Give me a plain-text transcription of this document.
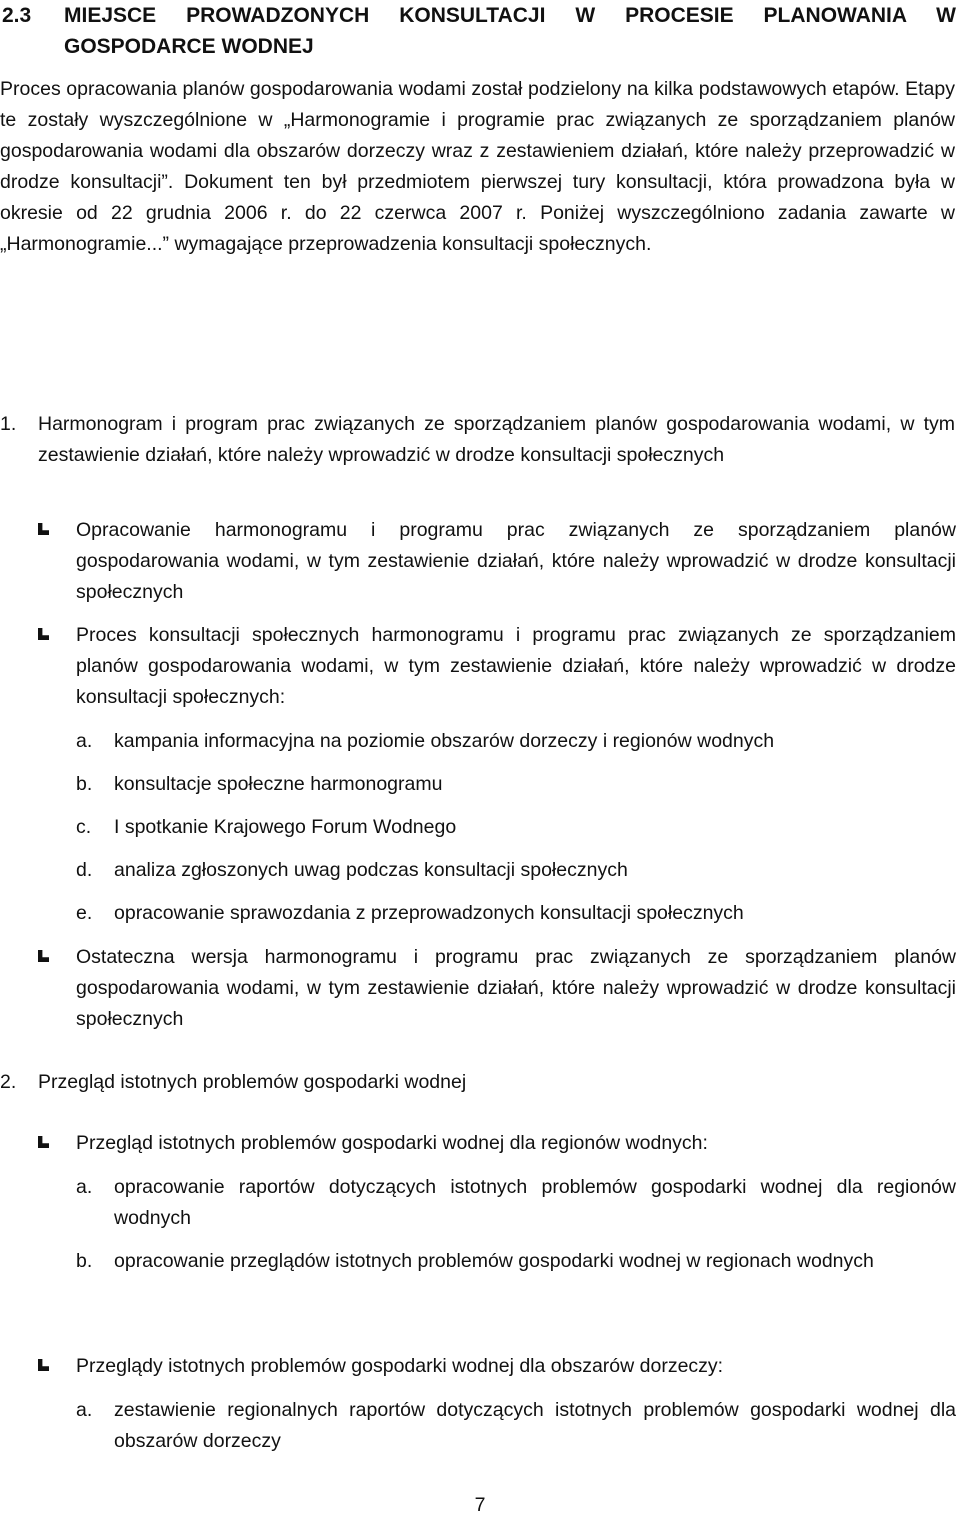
2.3	MIEJSCE PROWADZONYCH KONSULTACJI W PROCESIE PLANOWANIA W GOSPODARCE WODNEJ
Proces opracowania planów gospodarowania wodami został podzielony na kilka podstawowych etapów. Etapy te zostały wyszczególnione w „Harmonogramie i programie prac związanych ze sporządzaniem planów gospodarowania wodami dla obszarów dorzeczy wraz z zestawieniem działań, które należy przeprowadzić w drodze konsultacji”. Dokument ten był przedmiotem pierwszej tury konsultacji, która prowadzona była w okresie od 22 grudnia 2006 r. do 22 czerwca 2007 r. Poniżej wyszczególniono zadania zawarte w „Harmonogramie...” wymagające przeprowadzenia konsultacji społecznych.
1.	Harmonogram i program prac związanych ze sporządzaniem planów gospodarowania wodami, w tym zestawienie działań, które należy wprowadzić w drodze konsultacji społecznych
Opracowanie harmonogramu i programu prac związanych ze sporządzaniem planów gospodarowania wodami, w tym zestawienie działań, które należy wprowadzić w drodze konsultacji społecznych
Proces konsultacji społecznych harmonogramu i programu prac związanych ze sporządzaniem planów gospodarowania wodami, w tym zestawienie działań, które należy wprowadzić w drodze konsultacji społecznych:
a.	kampania informacyjna na poziomie obszarów dorzeczy i regionów wodnych
b.	konsultacje społeczne harmonogramu
c.	I spotkanie Krajowego Forum Wodnego
d.	analiza zgłoszonych uwag podczas konsultacji społecznych
e.	opracowanie sprawozdania z przeprowadzonych konsultacji społecznych
Ostateczna wersja harmonogramu i programu prac związanych ze sporządzaniem planów gospodarowania wodami, w tym zestawienie działań, które należy wprowadzić w drodze konsultacji społecznych
2.	Przegląd istotnych problemów gospodarki wodnej
Przegląd istotnych problemów gospodarki wodnej dla regionów wodnych:
a.	opracowanie raportów dotyczących istotnych problemów gospodarki wodnej dla regionów wodnych
b.	opracowanie przeglądów istotnych problemów gospodarki wodnej w regionach wodnych
Przeglądy istotnych problemów gospodarki wodnej dla obszarów dorzeczy:
a.	zestawienie regionalnych raportów dotyczących istotnych problemów gospodarki wodnej dla obszarów dorzeczy
7
